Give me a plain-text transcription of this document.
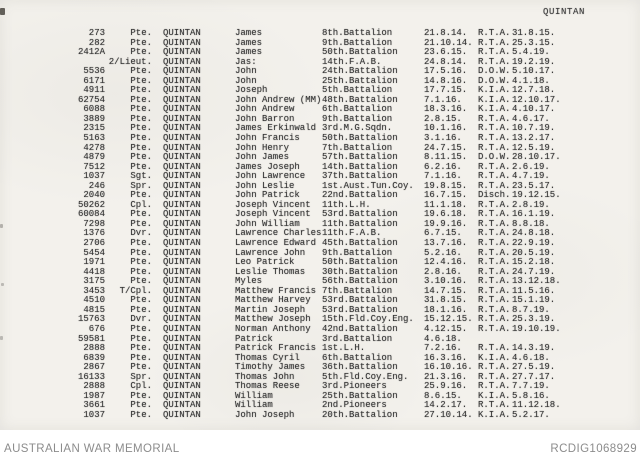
QUINTAN
273	Pte.	QUINTAN	James	8th.Battalion	21.8.14.	R.T.A. 31.8.15.
282	Pte.	QUINTAN	James	9th.Battalion	21.10.14. R.T.A. 25.3.15.
2412A	Pte.	QUINTAN	James	50th.Battalion	23.6.15.	R.T.A. 5.4.19.
2/Lieut.	QUINTAN	Jas:	14th.F.A.B.	24.8.14.	R.T.A. 19.2.19.
5536	Pte.	QUINTAN	John	24th.Battalion	17.5.16.	D.O.W. 5.10.17.
6171	Pte.	QUINTAN	John	25th.Battalion	14.8.16.	D.O.W. 4.1.18.
4911	Pte.	QUINTAN	Joseph	5th.Battalion	17.7.15.	K.I.A. 12.7.18.
62754	Pte.	QUINTAN	John Andrew (MM) 48th.Battalion	7.1.16.	K.I.A. 12.10.17.
6088	Pte.	QUINTAN	John Andrew	6th.Battalion	18.3.16.	K.I.A. 4.10.17.
3889	Pte.	QUINTAN	John Barron	9th.Battalion	2.8.15.	R.T.A. 4.6.17.
2315	Pte.	QUINTAN	James Erkinwald 3rd.M.G.Sqdn.	10.1.16.	R.T.A. 10.7.19.
5163	Pte.	QUINTAN	John Francis	50th.Battalion	3.1.16.	R.T.A. 13.2.17.
4278	Pte.	QUINTAN	John Henry	7th.Battalion	24.7.15.	R.T.A. 12.5.19.
4879	Pte.	QUINTAN	John James	57th.Battalion	8.11.15.	D.O.W. 28.10.17.
7512	Pte.	QUINTAN	James Joseph	14th.Battalion	6.2.16.	R.T.A. 2.6.19.
1037	Sgt.	QUINTAN	John Lawrence	37th.Battalion	7.1.16.	R.T.A. 4.7.19.
246	Spr.	QUINTAN	John Leslie	1st.Aust.Tun.Coy.	19.8.15.	R.T.A. 23.5.17.
2040	Pte.	QUINTAN	John Patrick	22nd.Battalion	16.7.15.	Disch. 19.12.15.
50262	Cpl.	QUINTAN	Joseph Vincent	11th.L.H.	11.1.18.	R.T.A. 2.8.19.
60084	Pte.	QUINTAN	Joseph Vincent	53rd.Battalion	19.6.18.	R.T.A. 16.1.19.
7298	Pte.	QUINTAN	John William	11th.Battalion	19.9.16.	R.T.A. 8.8.18.
1376	Dvr.	QUINTAN	Lawrence Charles 11th.F.A.B.	6.7.15.	R.T.A. 24.8.18.
2706	Pte.	QUINTAN	Lawrence Edward 45th.Battalion	13.7.16.	R.T.A. 22.9.19.
5454	Pte.	QUINTAN	Lawrence John	9th.Battalion	5.2.16.	R.T.A. 20.5.19.
1971	Pte.	QUINTAN	Leo Patrick	50th.Battalion	12.4.16.	R.T.A. 15.2.18.
4418	Pte.	QUINTAN	Leslie Thomas	30th.Battalion	2.8.16.	R.T.A. 24.7.19.
3175	Pte.	QUINTAN	Myles	56th.Battalion	3.10.16.	R.T.A. 13.12.18.
3453	T/Cpl.	QUINTAN	Matthew Francis 7th.Battalion	14.7.15.	R.T.A. 11.5.16.
4510	Pte.	QUINTAN	Matthew Harvey	53rd.Battalion	31.8.15.	R.T.A. 15.1.19.
4815	Pte.	QUINTAN	Martin Joseph	53rd.Battalion	18.1.16.	R.T.A. 8.7.19.
15763	Dvr.	QUINTAN	Matthew Joseph	15th.Fld.Coy.Eng.	15.12.15. R.T.A. 25.3.19.
676	Pte.	QUINTAN	Norman Anthony	42nd.Battalion	4.12.15.	R.T.A. 19.10.19.
59581	Pte.	QUINTAN	Patrick	3rd.Battalion	4.6.18.
2888	Pte.	QUINTAN	Patrick Francis 1st.L.H.	7.2.16.	R.T.A. 14.3.19.
6839	Pte.	QUINTAN	Thomas Cyril	6th.Battalion	16.3.16.	K.I.A. 4.6.18.
2867	Pte.	QUINTAN	Timothy James	36th.Battalion	16.10.16. R.T.A. 27.5.19.
16133	Spr.	QUINTAN	Thomas John	5th.Fld.Coy.Eng.	21.3.16.	R.T.A. 27.7.17.
2888	Cpl.	QUINTAN	Thomas Reese	3rd.Pioneers	25.9.16.	R.T.A. 7.7.19.
1987	Pte.	QUINTAN	William	25th.Battalion	8.6.15.	K.I.A. 5.8.16.
3661	Pte.	QUINTAN	William	2nd.Pioneers	14.2.17.	R.T.A. 11.12.18.
1037	Pte.	QUINTAN	John Joseph	20th.Battalion	27.10.14. K.I.A. 5.2.17.
AUSTRALIAN WAR MEMORIAL	RCDIG1068929
